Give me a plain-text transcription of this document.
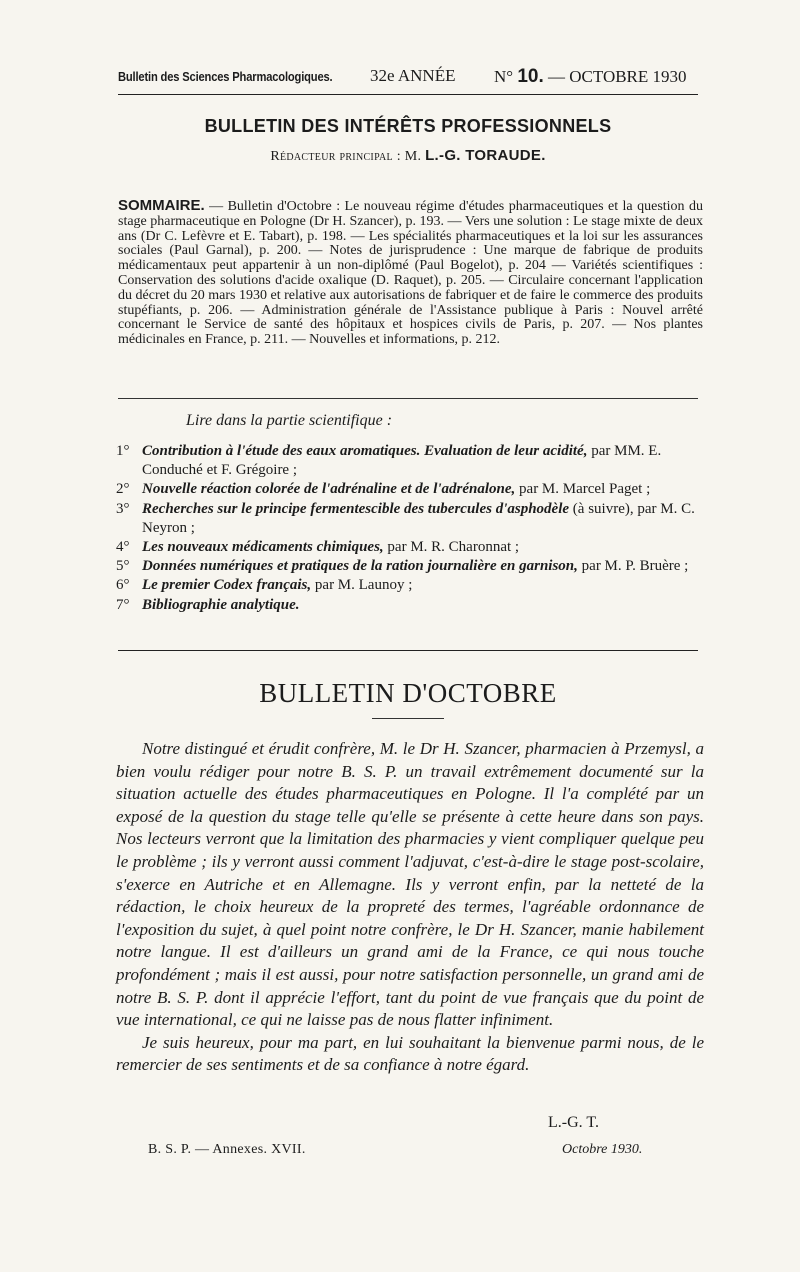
Bulletin des Sciences Pharmacologiques. 32e ANNÉE N° 10. — OCTOBRE 1930
BULLETIN DES INTÉRÊTS PROFESSIONNELS
Rédacteur principal : M. L.-G. TORAUDE.
SOMMAIRE. — Bulletin d'Octobre : Le nouveau régime d'études pharmaceutiques et la question du stage pharmaceutique en Pologne (Dr H. Szancer), p. 193. — Vers une solution : Le stage mixte de deux ans (Dr C. Lefèvre et E. Tabart), p. 198. — Les spécialités pharmaceutiques et la loi sur les assurances sociales (Paul Garnal), p. 200. — Notes de jurisprudence : Une marque de fabrique de produits médicamentaux peut appartenir à un non-diplômé (Paul Bogelot), p. 204 — Variétés scientifiques : Conservation des solutions d'acide oxalique (D. Raquet), p. 205. — Circulaire concernant l'application du décret du 20 mars 1930 et relative aux autorisations de fabriquer et de faire le commerce des produits stupéfiants, p. 206. — Administration générale de l'Assistance publique à Paris : Nouvel arrêté concernant le Service de santé des hôpitaux et hospices civils de Paris, p. 207. — Nos plantes médicinales en France, p. 211. — Nouvelles et informations, p. 212.
Lire dans la partie scientifique :
1° Contribution à l'étude des eaux aromatiques. Evaluation de leur acidité, par MM. E. Conduché et F. Grégoire ;
2° Nouvelle réaction colorée de l'adrénaline et de l'adrénalone, par M. Marcel Paget ;
3° Recherches sur le principe fermentescible des tubercules d'asphodèle (à suivre), par M. C. Neyron ;
4° Les nouveaux médicaments chimiques, par M. R. Charonnat ;
5° Données numériques et pratiques de la ration journalière en garnison, par M. P. Bruère ;
6° Le premier Codex français, par M. Launoy ;
7° Bibliographie analytique.
BULLETIN D'OCTOBRE

Notre distingué et érudit confrère, M. le Dr H. Szancer, pharmacien à Przemysl, a bien voulu rédiger pour notre B. S. P. un travail extrêmement documenté sur la situation actuelle des études pharmaceutiques en Pologne. Il l'a complété par un exposé de la question du stage telle qu'elle se présente à cette heure dans son pays. Nos lecteurs verront que la limitation des pharmacies y vient compliquer quelque peu le problème ; ils y verront aussi comment l'adjuvat, c'est-à-dire le stage post-scolaire, s'exerce en Autriche et en Allemagne. Ils y verront enfin, par la netteté de la rédaction, le choix heureux de la propreté des termes, l'agréable ordonnance de l'exposition du sujet, à quel point notre confrère, le Dr H. Szancer, manie habilement notre langue. Il est d'ailleurs un grand ami de la France, ce qui nous touche profondément ; mais il est aussi, pour notre satisfaction personnelle, un grand ami de notre B. S. P. dont il apprécie l'effort, tant du point de vue français que du point de vue international, ce qui ne laisse pas de nous flatter infiniment.

Je suis heureux, pour ma part, en lui souhaitant la bienvenue parmi nous, de le remercier de ses sentiments et de sa confiance à notre égard.

L.-G. T.
B. S. P. — Annexes. XVII.	Octobre 1930.
